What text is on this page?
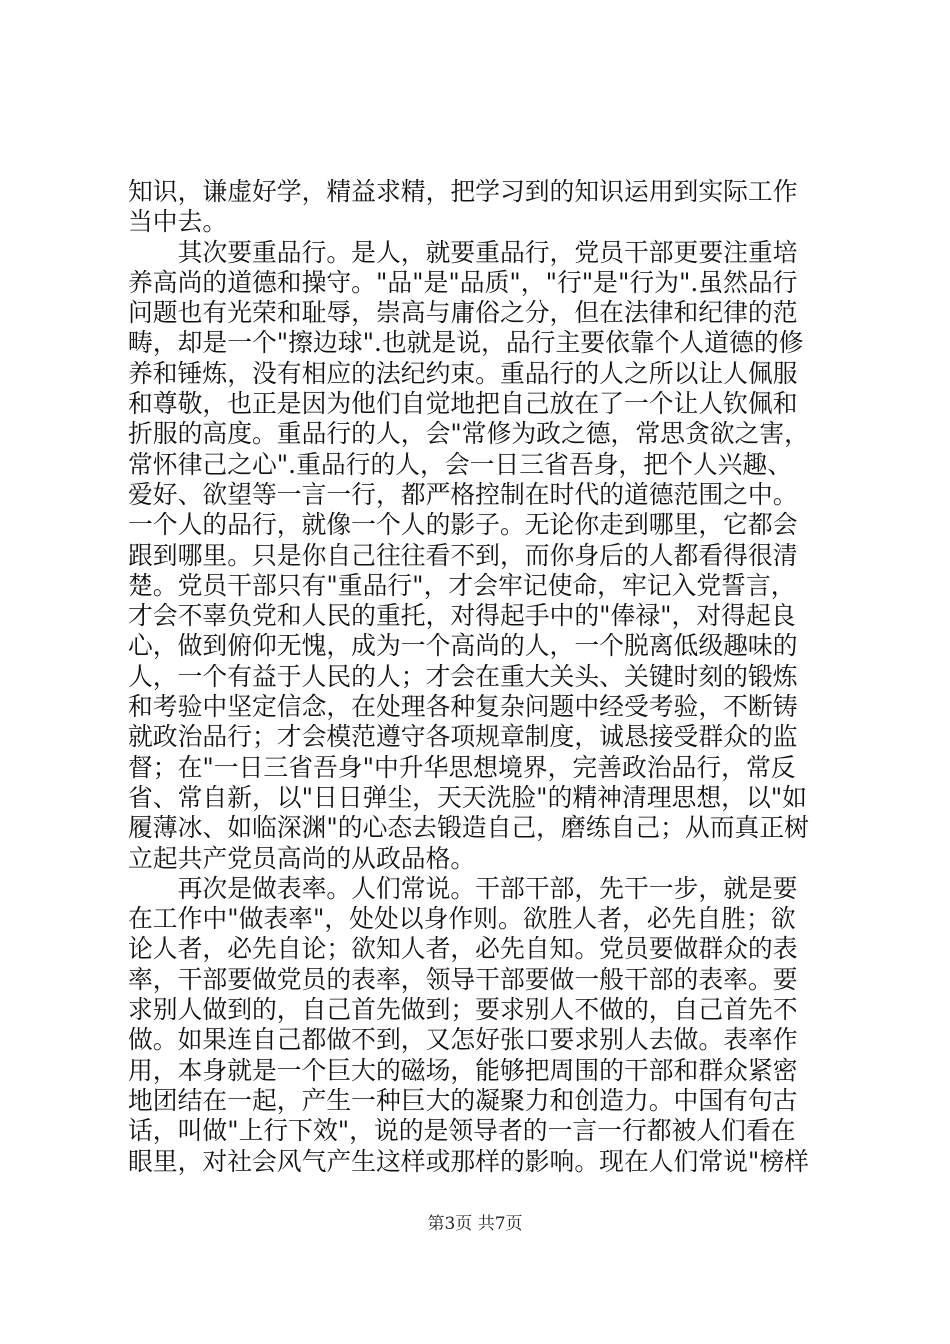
知识，谦虚好学，精益求精，把学习到的知识运用到实际工作
当中去。
　　其次要重品行。是人，就要重品行，党员干部更要注重培
养高尚的道德和操守。"品"是"品质"，"行"是"行为".虽然品行
问题也有光荣和耻辱，崇高与庸俗之分，但在法律和纪律的范
畴，却是一个"擦边球".也就是说，品行主要依靠个人道德的修
养和锤炼，没有相应的法纪约束。重品行的人之所以让人佩服
和尊敬，也正是因为他们自觉地把自己放在了一个让人钦佩和
折服的高度。重品行的人，会"常修为政之德，常思贪欲之害，
常怀律己之心".重品行的人，会一日三省吾身，把个人兴趣、
爱好、欲望等一言一行，都严格控制在时代的道德范围之中。
一个人的品行，就像一个人的影子。无论你走到哪里，它都会
跟到哪里。只是你自己往往看不到，而你身后的人都看得很清
楚。党员干部只有"重品行"，才会牢记使命，牢记入党誓言，
才会不辜负党和人民的重托，对得起手中的"俸禄"，对得起良
心，做到俯仰无愧，成为一个高尚的人，一个脱离低级趣味的
人，一个有益于人民的人；才会在重大关头、关键时刻的锻炼
和考验中坚定信念，在处理各种复杂问题中经受考验，不断铸
就政治品行；才会模范遵守各项规章制度，诚恳接受群众的监
督；在"一日三省吾身"中升华思想境界，完善政治品行，常反
省、常自新，以"日日弹尘，天天洗脸"的精神清理思想，以"如
履薄冰、如临深渊"的心态去锻造自己，磨练自己；从而真正树
立起共产党员高尚的从政品格。
　　再次是做表率。人们常说。干部干部，先干一步，就是要
在工作中"做表率"，处处以身作则。欲胜人者，必先自胜；欲
论人者，必先自论；欲知人者，必先自知。党员要做群众的表
率，干部要做党员的表率，领导干部要做一般干部的表率。要
求别人做到的，自己首先做到；要求别人不做的，自己首先不
做。如果连自己都做不到，又怎好张口要求别人去做。表率作
用，本身就是一个巨大的磁场，能够把周围的干部和群众紧密
地团结在一起，产生一种巨大的凝聚力和创造力。中国有句古
话，叫做"上行下效"，说的是领导者的一言一行都被人们看在
眼里，对社会风气产生这样或那样的影响。现在人们常说"榜样
第3页 共7页
